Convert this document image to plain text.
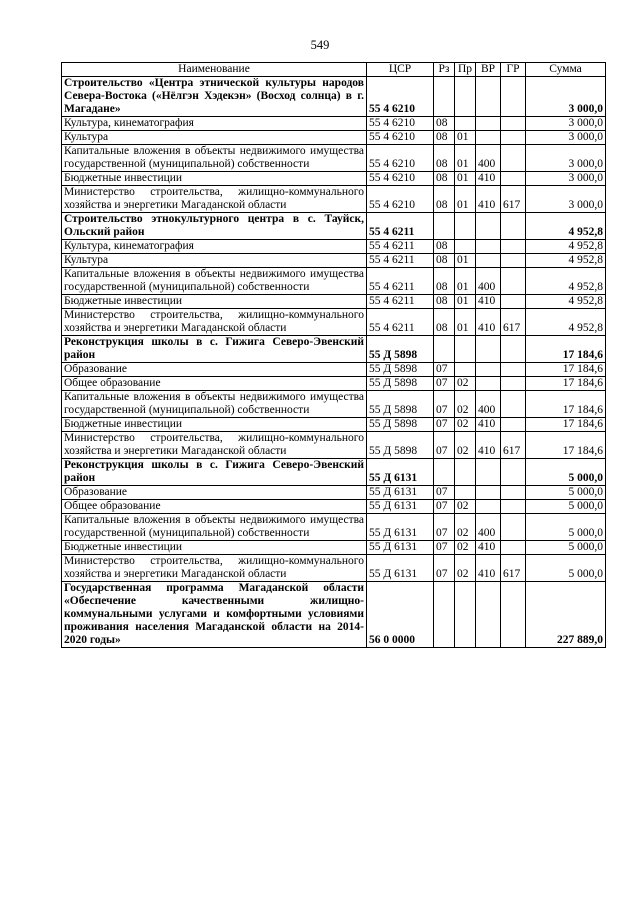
549
Наименование	ЦСР	Рз	Пр	ВР	ГР	Сумма
Строительство «Центра этнической культуры народов Севера-Востока («Нёлгэн Хэдекэн» (Восход солнца) в г. Магадане»	55 4 6210					3 000,0
Культура, кинематография	55 4 6210	08				3 000,0
Культура	55 4 6210	08	01			3 000,0
Капитальные вложения в объекты недвижимого имущества государственной (муниципальной) собственности	55 4 6210	08	01	400		3 000,0
Бюджетные инвестиции	55 4 6210	08	01	410		3 000,0
Министерство строительства, жилищно-коммунального хозяйства и энергетики Магаданской области	55 4 6210	08	01	410	617	3 000,0
Строительство этнокультурного центра в с. Тауйск, Ольский район	55 4 6211					4 952,8
Культура, кинематография	55 4 6211	08				4 952,8
Культура	55 4 6211	08	01			4 952,8
Капитальные вложения в объекты недвижимого имущества государственной (муниципальной) собственности	55 4 6211	08	01	400		4 952,8
Бюджетные инвестиции	55 4 6211	08	01	410		4 952,8
Министерство строительства, жилищно-коммунального хозяйства и энергетики Магаданской области	55 4 6211	08	01	410	617	4 952,8
Реконструкция школы в с. Гижига Северо-Эвенский район	55 Д 5898					17 184,6
Образование	55 Д 5898	07				17 184,6
Общее образование	55 Д 5898	07	02			17 184,6
Капитальные вложения в объекты недвижимого имущества государственной (муниципальной) собственности	55 Д 5898	07	02	400		17 184,6
Бюджетные инвестиции	55 Д 5898	07	02	410		17 184,6
Министерство строительства, жилищно-коммунального хозяйства и энергетики Магаданской области	55 Д 5898	07	02	410	617	17 184,6
Реконструкция школы в с. Гижига Северо-Эвенский район	55 Д 6131					5 000,0
Образование	55 Д 6131	07				5 000,0
Общее образование	55 Д 6131	07	02			5 000,0
Капитальные вложения в объекты недвижимого имущества государственной (муниципальной) собственности	55 Д 6131	07	02	400		5 000,0
Бюджетные инвестиции	55 Д 6131	07	02	410		5 000,0
Министерство строительства, жилищно-коммунального хозяйства и энергетики Магаданской области	55 Д 6131	07	02	410	617	5 000,0
Государственная программа Магаданской области «Обеспечение качественными жилищно-коммунальными услугами и комфортными условиями проживания населения Магаданской области на 2014-2020 годы»	56 0 0000					227 889,0
